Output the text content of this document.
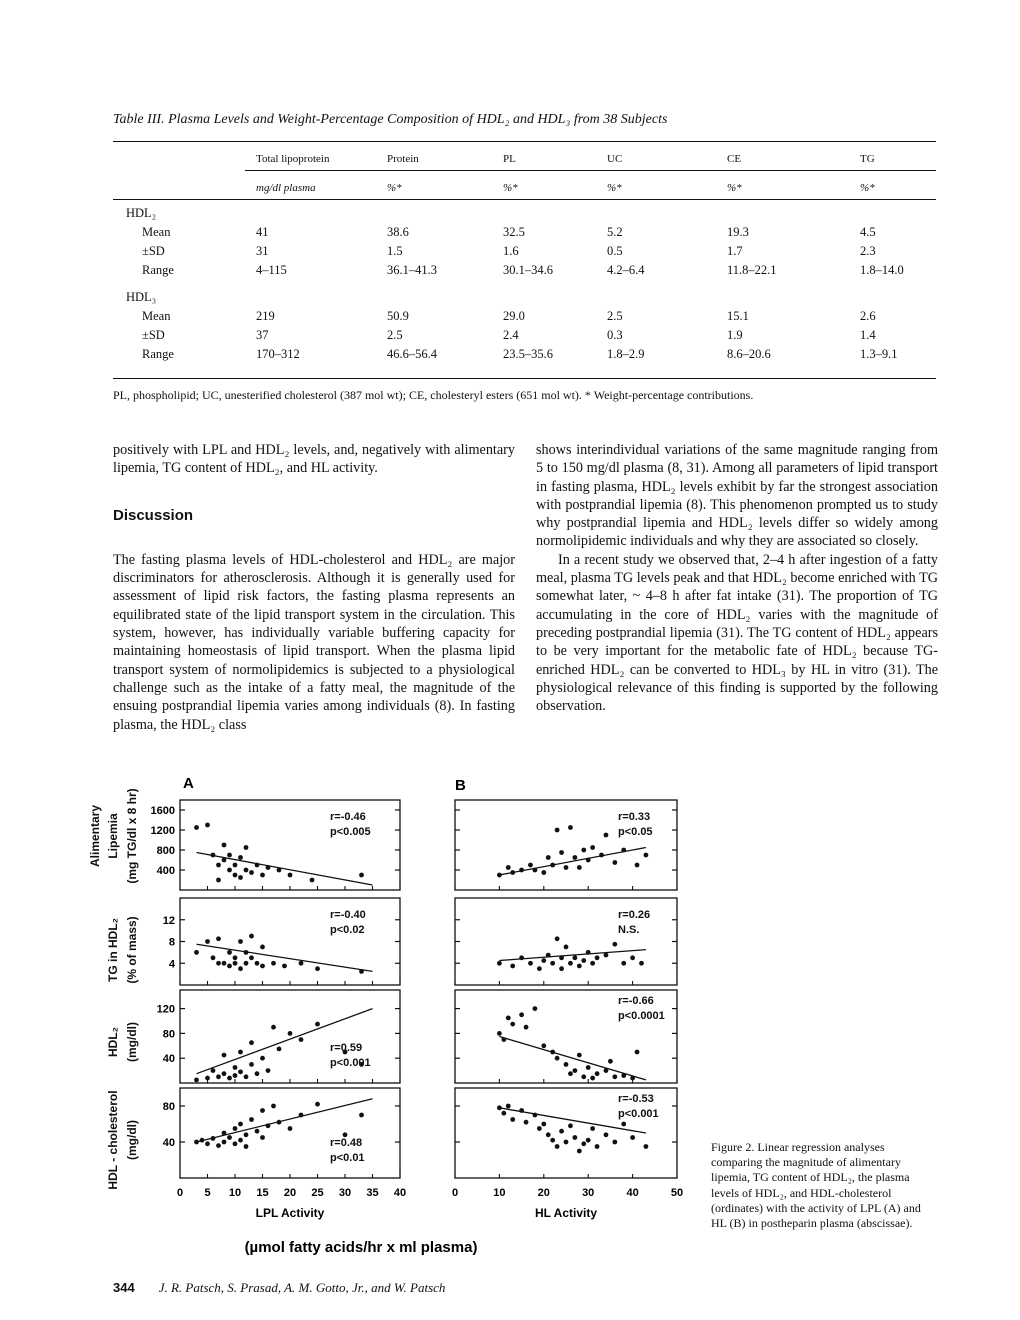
Table III. Plasma Levels and Weight-Percentage Composition of HDL₂ and HDL₃ from 38 Subjects
Total lipoprotein	Protein	PL	UC	CE	TG
mg/dl plasma	%*	%*	%*	%*	%*
HDL₂
Mean	41	38.6	32.5	5.2	19.3	4.5
±SD	31	1.5	1.6	0.5	1.7	2.3
Range	4–115	36.1–41.3	30.1–34.6	4.2–6.4	11.8–22.1	1.8–14.0
HDL₃
Mean	219	50.9	29.0	2.5	15.1	2.6
±SD	37	2.5	2.4	0.3	1.9	1.4
Range	170–312	46.6–56.4	23.5–35.6	1.8–2.9	8.6–20.6	1.3–9.1
PL, phospholipid; UC, unesterified cholesterol (387 mol wt); CE, cholesteryl esters (651 mol wt). * Weight-percentage contributions.

positively with LPL and HDL₂ levels, and, negatively with alimentary lipemia, TG content of HDL₂, and HL activity.

Discussion

The fasting plasma levels of HDL-cholesterol and HDL₂ are major discriminators for atherosclerosis. Although it is generally used for assessment of lipid risk factors, the fasting plasma represents an equilibrated state of the lipid transport system in the circulation. This system, however, has individually variable buffering capacity for maintaining homeostasis of lipid transport. When the plasma lipid transport system of normolipidemics is subjected to a physiological challenge such as the intake of a fatty meal, the magnitude of the ensuing postprandial lipemia varies among individuals (8). In fasting plasma, the HDL₂ class

shows interindividual variations of the same magnitude ranging from 5 to 150 mg/dl plasma (8, 31). Among all parameters of lipid transport in fasting plasma, HDL₂ levels exhibit by far the strongest association with postprandial lipemia (8). This phenomenon prompted us to study why postprandial lipemia and HDL₂ levels differ so widely among normolipidemic individuals and why they are associated so closely.

In a recent study we observed that, 2–4 h after ingestion of a fatty meal, plasma TG levels peak and that HDL₂ become enriched with TG somewhat later, ~ 4–8 h after fat intake (31). The proportion of TG accumulating in the core of HDL₂ varies with the magnitude of preceding postprandial lipemia (31). The TG content of HDL₂ appears to be very important for the metabolic fate of HDL₂ because TG-enriched HDL₂ can be converted to HDL₃ by HL in vitro (31). The physiological relevance of this finding is supported by the following observation.

A	B
Alimentary Lipemia (mg TG/dl x 8 hr)
TG in HDL₂ (% of mass)
HDL₂ (mg/dl)
HDL - cholesterol (mg/dl)
400
800
1200
1600	r=-0.46
p<0.005
r=0.33
p<0.05
4
8
12	r=-0.40
p<0.02
r=0.26
N.S.
40
80
120
r=0.59
p<0.001
r=-0.66
p<0.0001
40
80
r=0.48
p<0.01
0 5 10 15 20 25 30 35 40
LPL Activity
r=-0.53
p<0.001
0	10	20	30	40	50
HL Activity
(µmol fatty acids/hr x ml plasma)
Figure 2. Linear regression analyses comparing the magnitude of alimentary lipemia, TG content of HDL₂, the plasma levels of HDL₂, and HDL-cholesterol (ordinates) with the activity of LPL (A) and HL (B) in postheparin plasma (abscissae).
344 J. R. Patsch, S. Prasad, A. M. Gotto, Jr., and W. Patsch
